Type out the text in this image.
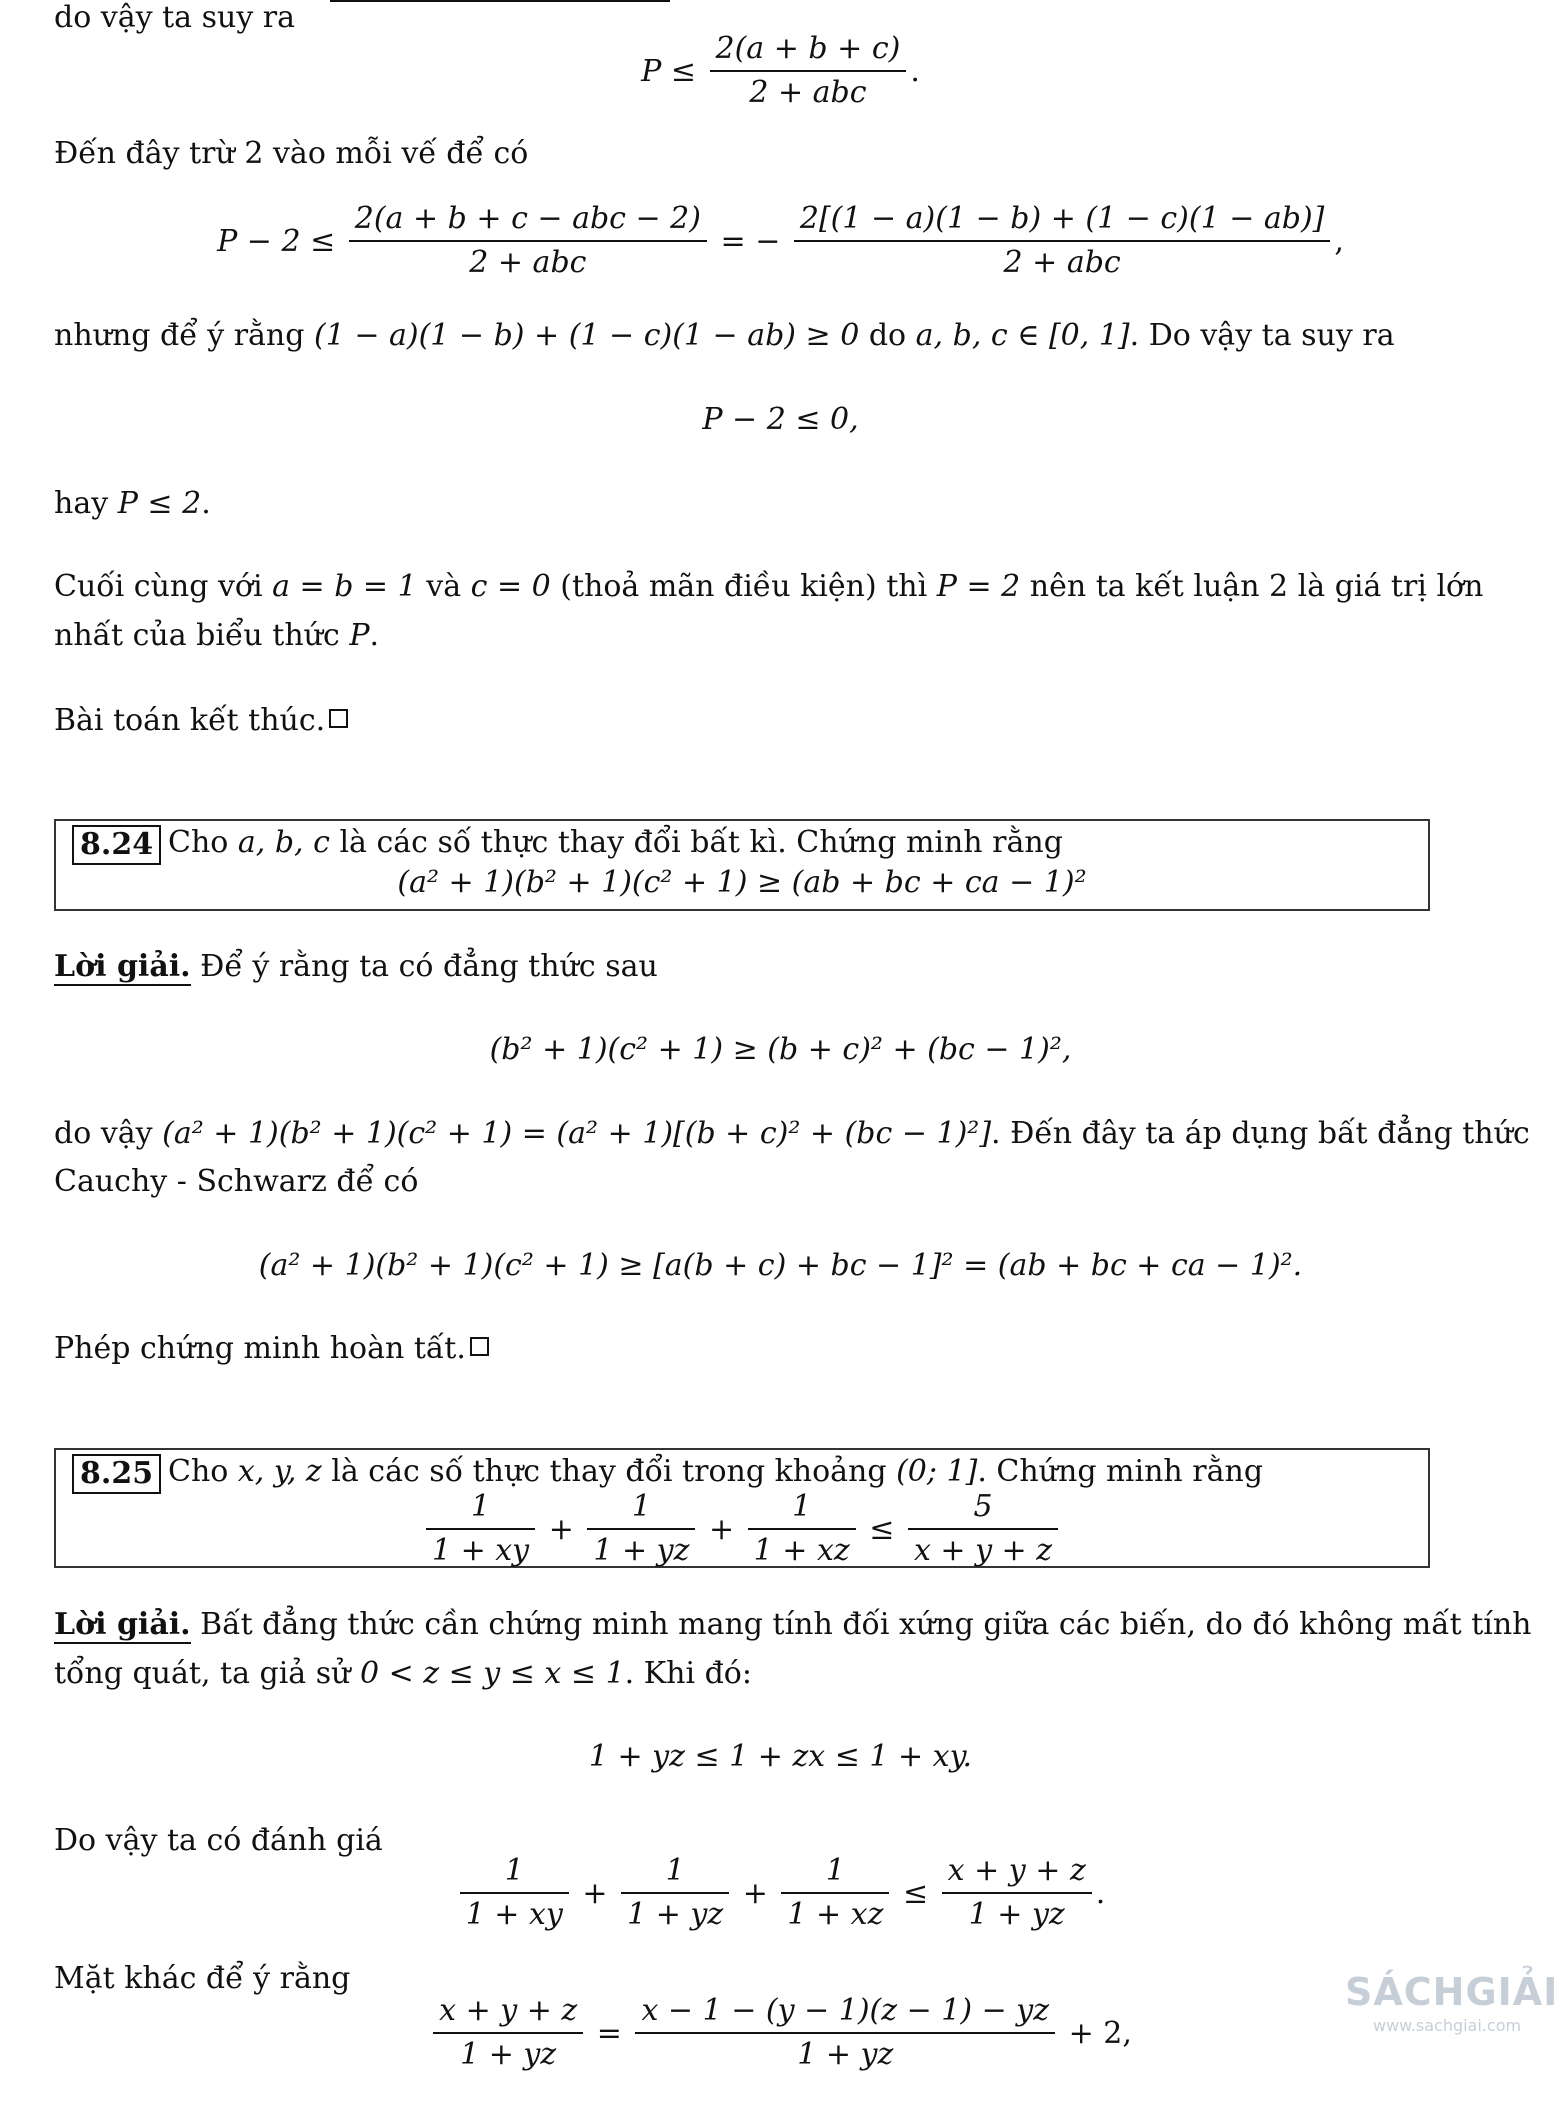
do vậy ta suy ra
$P \le \frac{2(a + b + c)}{\text{2 + abc}}$ .
Đến đây trừ 2 vào mỗi vế để có
$P - 2 \le \frac{\text{2(a + b + c − abc − 2)}}{\text{2 + abc}}$ = − $\frac{2[(1 - a)(1 - b) + (1 - c)(1 - ab)]}{\text{2 + abc}}$ ,
nhưng để ý rằng (1 − a)(1 − b) + (1 − c)(1 − ab) ≥ 0 do a, b, c ∈ [0, 1]. Do vậy ta suy ra
P − 2 ≤ 0,
hay P ≤ 2.
Cuối cùng với a = b = 1 và c = 0 (thoả mãn điều kiện) thì P = 2 nên ta kết luận 2 là giá trị lớn
nhất của biểu thức P.
Bài toán kết thúc.
8.24 Cho a, b, c là các số thực thay đổi bất kì. Chứng minh rằng
(a² + 1)(b² + 1)(c² + 1) ≥ (ab + bc + ca − 1)²
Lời giải. Để ý rằng ta có đẳng thức sau
(b² + 1)(c² + 1) ≥ (b + c)² + (bc − 1)²,
do vậy (a² + 1)(b² + 1)(c² + 1) = (a² + 1)[(b + c)² + (bc − 1)²]. Đến đây ta áp dụng bất đẳng thức
Cauchy - Schwarz để có
(a² + 1)(b² + 1)(c² + 1) ≥ [a(b + c) + bc − 1]² = (ab + bc + ca − 1)².
Phép chứng minh hoàn tất.
8.25 Cho x, y, z là các số thực thay đổi trong khoảng (0; 1]. Chứng minh rằng
$\frac{1}{1 + xy} + \frac{1}{1 + yz} + \frac{1}{1 + xz} \le \frac{5}{x + y + z}$
Lời giải. Bất đẳng thức cần chứng minh mang tính đối xứng giữa các biến, do đó không mất tính
tổng quát, ta giả sử 0 < z ≤ y ≤ x ≤ 1. Khi đó:
1 + yz ≤ 1 + zx ≤ 1 + xy.
Do vậy ta có đánh giá
$\frac{1}{1 + xy} + \frac{1}{1 + yz} + \frac{1}{1 + xz} \le \frac{x + y + z}{1 + yz}$ .
Mặt khác để ý rằng
$\frac{x + y + z}{1 + yz} = \frac{x - 1 - (y - 1)(z - 1) - yz}{1 + yz} + 2$,
SÁCHGIẢI
www.sachgiai.com
